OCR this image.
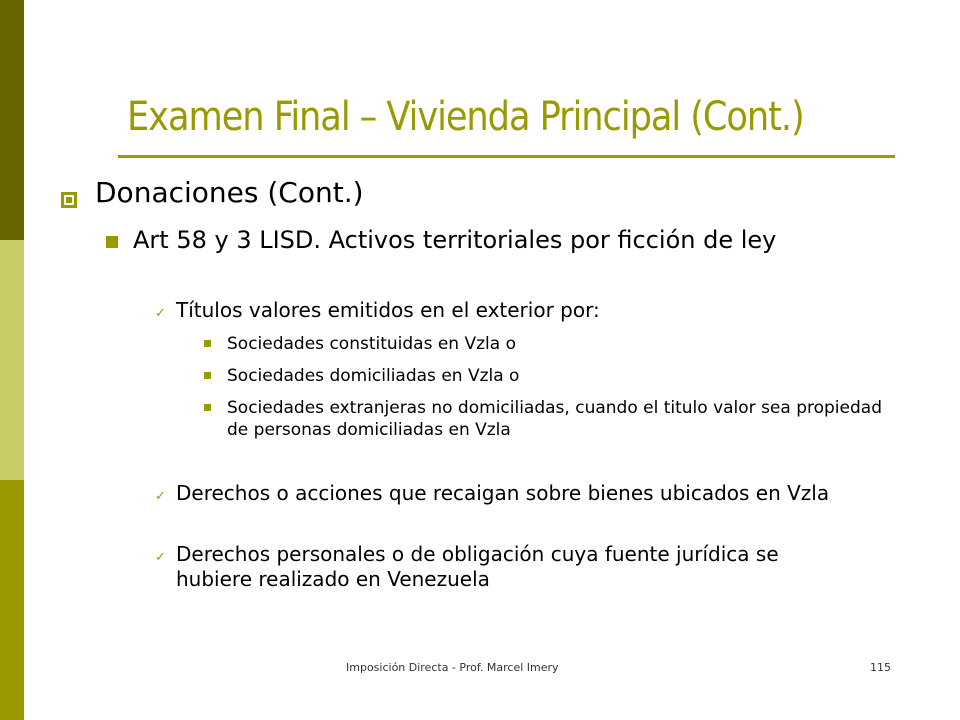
Examen Final – Vivienda Principal (Cont.)
Donaciones (Cont.)
Art 58 y 3 LISD. Activos territoriales por ficción de ley
✓ Títulos valores emitidos en el exterior por:
Sociedades constituidas en Vzla o
Sociedades domiciliadas en Vzla o
Sociedades extranjeras no domiciliadas, cuando el titulo valor sea propiedad de personas domiciliadas en Vzla
✓ Derechos o acciones que recaigan sobre bienes ubicados en Vzla
✓ Derechos personales o de obligación cuya fuente jurídica se hubiere realizado en Venezuela
Imposición Directa - Prof. Marcel Imery	115
